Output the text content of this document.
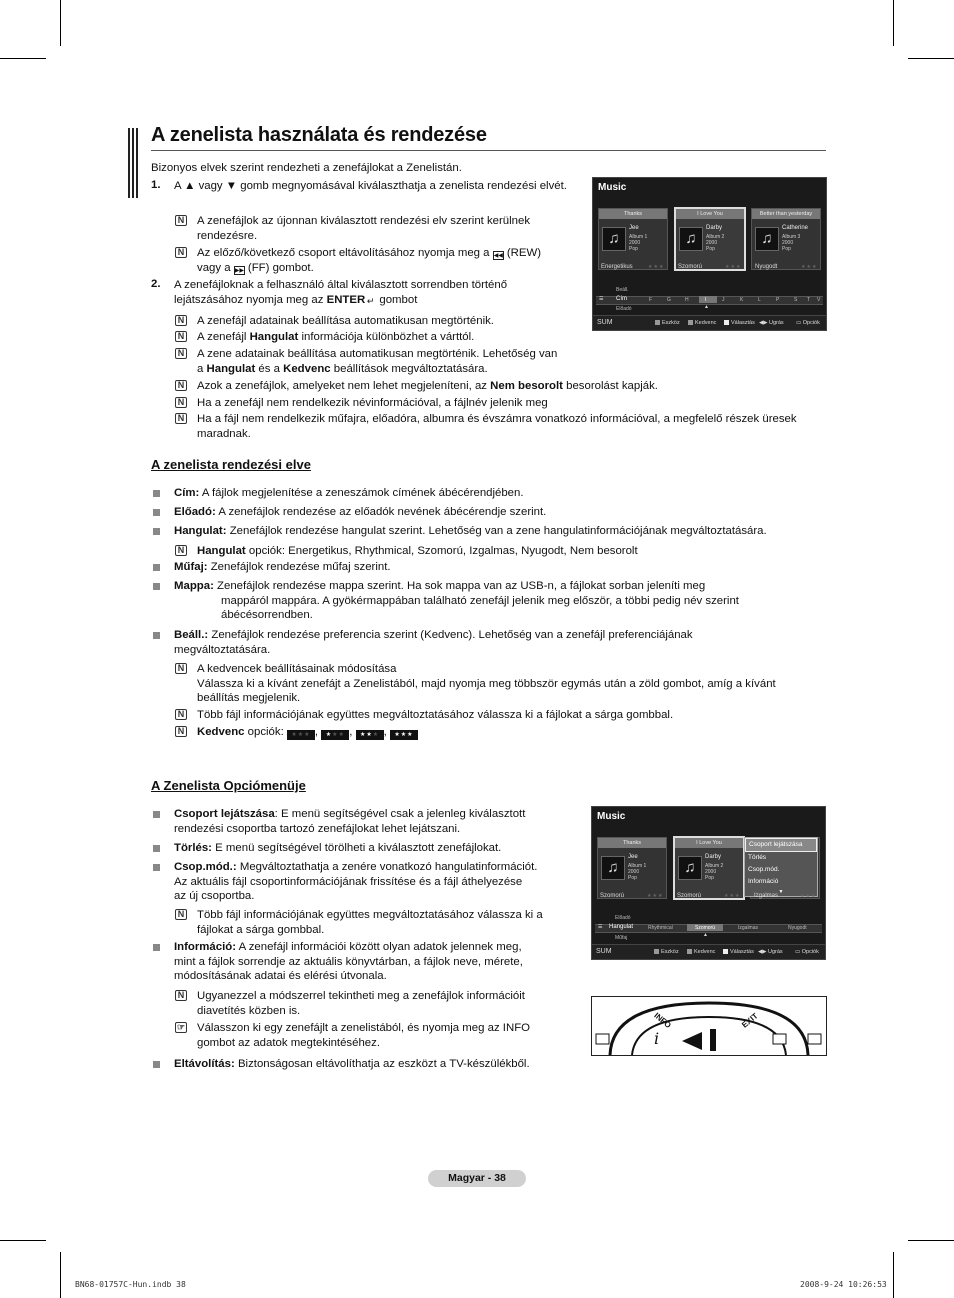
A zenelista használata és rendezése
Bizonyos elvek szerint rendezheti a zenefájlokat a Zenelistán.
1. A ▲ vagy ▼ gomb megnyomásával kiválaszthatja a zenelista rendezési elvét.
N A zenefájlok az újonnan kiválasztott rendezési elv szerint kerülnek rendezésre.
N Az előző/következő csoport eltávolításához nyomja meg a ◀◀ (REW)
vagy a ▶▶ (FF) gombot.
2. A zenefájloknak a felhasználó által kiválasztott sorrendben történő
lejátszásához nyomja meg az ENTER ↵ gombot
N A zenefájl adatainak beállítása automatikusan megtörténik.
N A zenefájl Hangulat információja különbözhet a várttól.
N A zene adatainak beállítása automatikusan megtörténik. Lehetőség van
a Hangulat és a Kedvenc beállítások megváltoztatására.
N Azok a zenefájlok, amelyeket nem lehet megjeleníteni, az Nem besorolt besorolást kapják.
N Ha a zenefájl nem rendelkezik névinformációval, a fájlnév jelenik meg
N Ha a fájl nem rendelkezik műfajra, előadóra, albumra és évszámra vonatkozó információval, a megfelelő részek üresek
maradnak.
Music
Thanks
♫
Jee
Album 1
2000
Pop
I Love You
♫
Darby
Album 2
2000
Pop
Better than yesterday
♫
Catherine
Album 3
2000
Pop
Energetikus	★★★ Szomorú	★★★ Nyugodt	★★★
Beáll.
☰ Cím	F	G	H	I
▲
J	K	L	P	S T V
Előadó
SUM	Eszköz	Kedvenc	Választás ◀▶ Ugrás ▭ Opciók
A zenelista rendezési elve
Cím: A fájlok megjelenítése a zeneszámok címének ábécérendjében.
Előadó: A zenefájlok rendezése az előadók nevének ábécérendje szerint.
Hangulat: Zenefájlok rendezése hangulat szerint. Lehetőség van a zene hangulatinformációjának megváltoztatására.
N Hangulat opciók: Energetikus, Rhythmical, Szomorú, Izgalmas, Nyugodt, Nem besorolt
Műfaj: Zenefájlok rendezése műfaj szerint.
Mappa: Zenefájlok rendezése mappa szerint. Ha sok mappa van az USB-n, a fájlokat sorban jeleníti meg
mappáról mappára. A gyökérmappában található zenefájl jelenik meg először, a többi pedig név szerint
ábécésorrendben.
Beáll.: Zenefájlok rendezése preferencia szerint (Kedvenc). Lehetőség van a zenefájl preferenciájának
megváltoztatására.
N A kedvencek beállításainak módosítása
Válassza ki a kívánt zenefájt a Zenelistából, majd nyomja meg többször egymás után a zöld gombot, amíg a kívánt
beállítás megjelenik.
N Több fájl információjának együttes megváltoztatásához válassza ki a fájlokat a sárga gombbal.
N Kedvenc opciók: ★★★ , ★★★ , ★★★ , ★★★
A Zenelista Opciómenüje
Csoport lejátszása: E menü segítségével csak a jelenleg kiválasztott
rendezési csoportba tartozó zenefájlokat lehet lejátszani.
Törlés: E menü segítségével törölheti a kiválasztott zenefájlokat.
Csop.mód.: Megváltoztathatja a zenére vonatkozó hangulatinformációt.
Az aktuális fájl csoportinformációjának frissítése és a fájl áthelyezése
az új csoportba.
N Több fájl információjának együttes megváltoztatásához válassza ki a
fájlokat a sárga gombbal.
Információ: A zenefájl információi között olyan adatok jelennek meg,
mint a fájlok sorrendje az aktuális könyvtárban, a fájlok neve, mérete,
módosításának adatai és elérési útvonala.
N Ugyanezzel a módszerrel tekintheti meg a zenefájlok információit
diavetítés közben is.
☞ Válasszon ki egy zenefájlt a zenelistából, és nyomja meg az INFO
gombot az adatok megtekintéséhez.
Eltávolítás: Biztonságosan eltávolíthatja az eszközt a TV-készülékből.
Music
Thanks
♫
Jee
Album 1
2000
Pop
I Love You
♫
Darby
Album 2
2000
Pop
Csoport lejátszása
Törlés
Csop.mód.
Információ
▼
Szomorú	★★★ Szomorú	★★★ Izgalmas	★★★
Előadó
☰ Hangulat	Rhythmical	Szomorú
▲
Izgalmas	Nyugodt
Műfaj
SUM	Eszköz	Kedvenc	Választás ◀▶ Ugrás ▭ Opciók
INFO
i
EXIT
Magyar - 38
BN68-01757C-Hun.indb 38	2008-9-24 10:26:53
